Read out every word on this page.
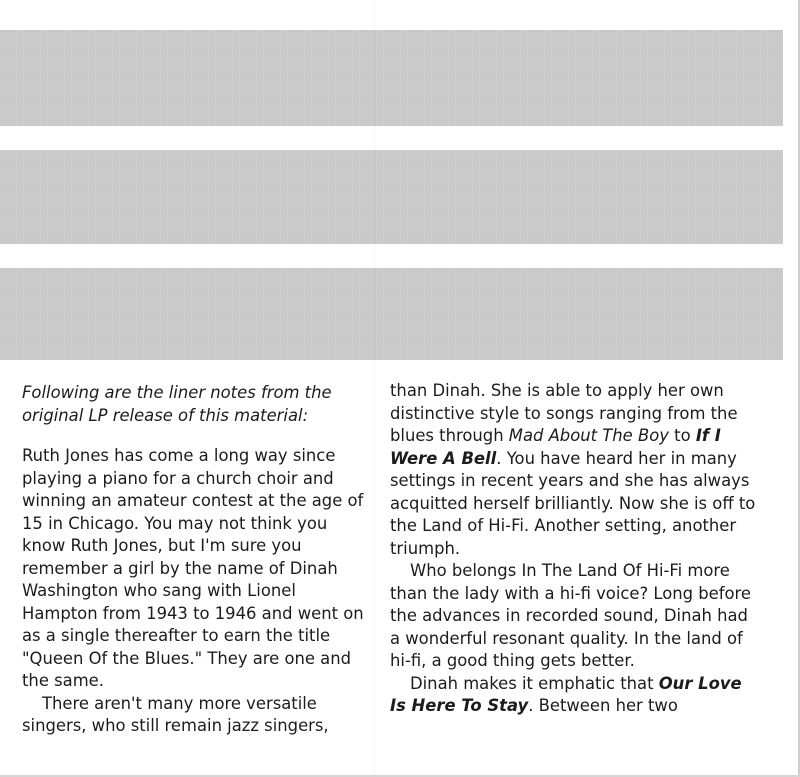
Following are the liner notes from the original LP release of this material:

Ruth Jones has come a long way since playing a piano for a church choir and winning an amateur contest at the age of 15 in Chicago. You may not think you know Ruth Jones, but I'm sure you remember a girl by the name of Dinah Washington who sang with Lionel Hampton from 1943 to 1946 and went on as a single thereafter to earn the title "Queen Of the Blues." They are one and the same.

There aren't many more versatile singers, who still remain jazz singers,

than Dinah. She is able to apply her own distinctive style to songs ranging from the blues through Mad About The Boy to If I Were A Bell. You have heard her in many settings in recent years and she has always acquitted herself brilliantly. Now she is off to the Land of Hi-Fi. Another setting, another triumph.

Who belongs In The Land Of Hi-Fi more than the lady with a hi-fi voice? Long before the advances in recorded sound, Dinah had a wonderful resonant quality. In the land of hi-fi, a good thing gets better.

Dinah makes it emphatic that Our Love Is Here To Stay. Between her two
